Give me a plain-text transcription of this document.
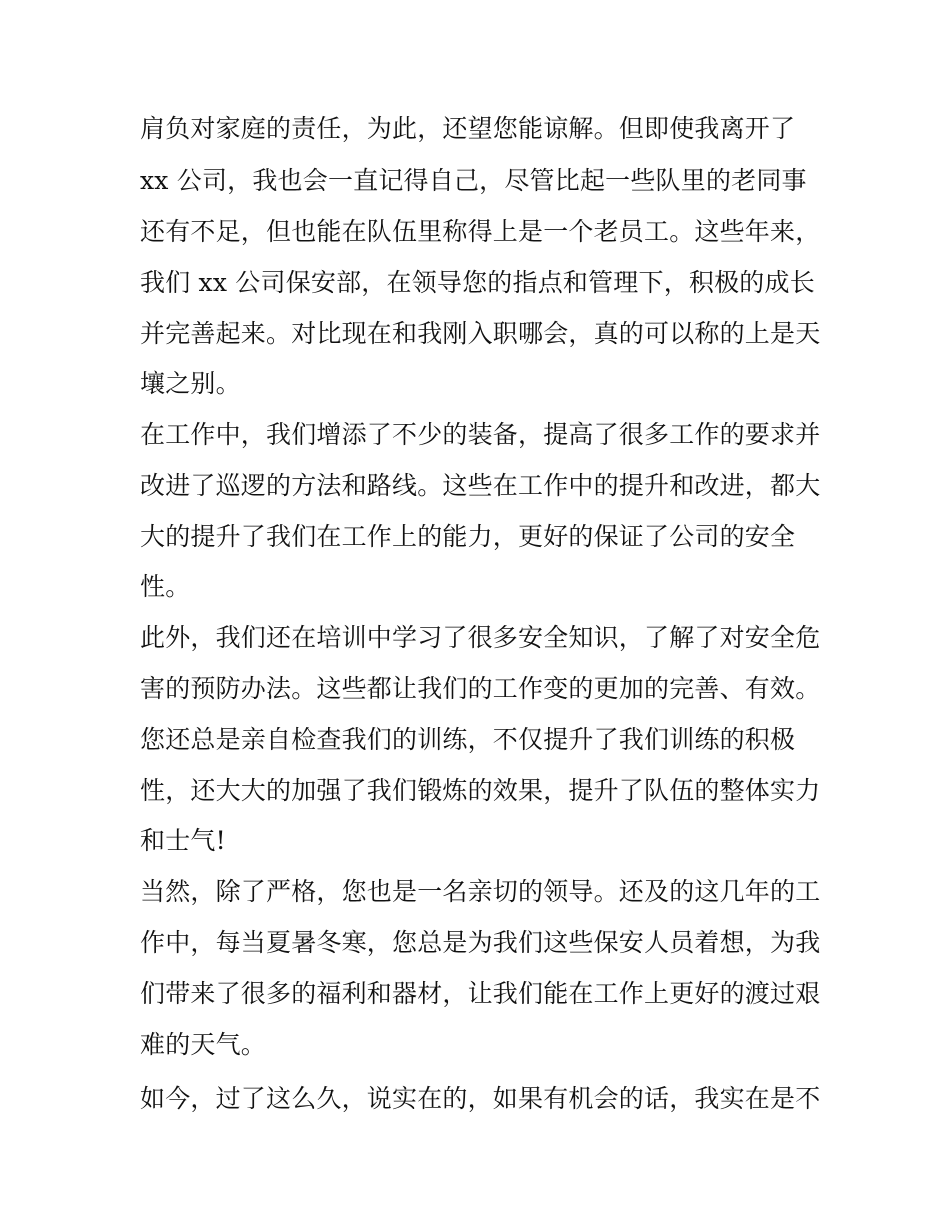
肩负对家庭的责任，为此，还望您能谅解。但即使我离开了
xx 公司，我也会一直记得自己，尽管比起一些队里的老同事
还有不足，但也能在队伍里称得上是一个老员工。这些年来，
我们 xx 公司保安部，在领导您的指点和管理下，积极的成长
并完善起来。对比现在和我刚入职哪会，真的可以称的上是天
壤之别。
在工作中，我们增添了不少的装备，提高了很多工作的要求并
改进了巡逻的方法和路线。这些在工作中的提升和改进，都大
大的提升了我们在工作上的能力，更好的保证了公司的安全
性。
此外，我们还在培训中学习了很多安全知识，了解了对安全危
害的预防办法。这些都让我们的工作变的更加的完善、有效。
您还总是亲自检查我们的训练，不仅提升了我们训练的积极
性，还大大的加强了我们锻炼的效果，提升了队伍的整体实力
和士气!
当然，除了严格，您也是一名亲切的领导。还及的这几年的工
作中，每当夏暑冬寒，您总是为我们这些保安人员着想，为我
们带来了很多的福利和器材，让我们能在工作上更好的渡过艰
难的天气。
如今，过了这么久，说实在的，如果有机会的话，我实在是不
